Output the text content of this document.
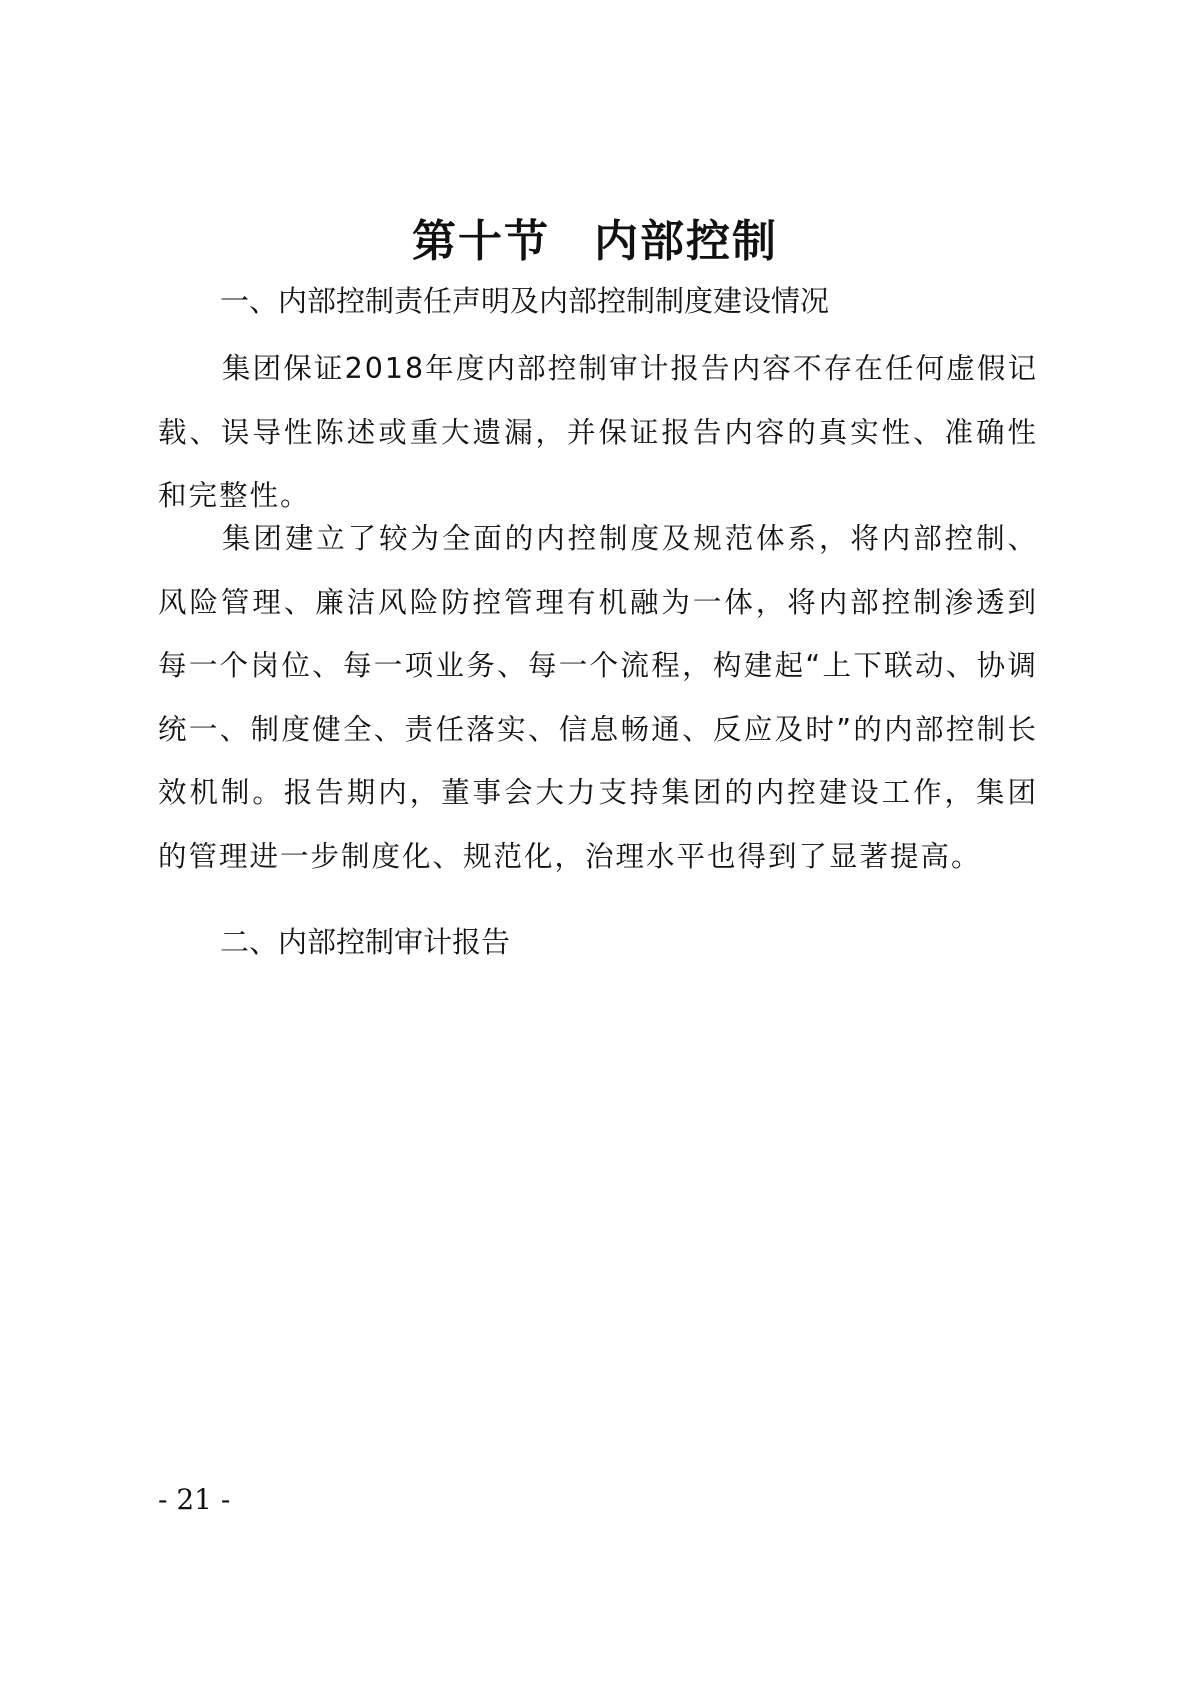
第十节 内部控制
一、内部控制责任声明及内部控制制度建设情况

集团保证2018年度内部控制审计报告内容不存在任何虚假记载、误导性陈述或重大遗漏，并保证报告内容的真实性、准确性和完整性。

集团建立了较为全面的内控制度及规范体系，将内部控制、风险管理、廉洁风险防控管理有机融为一体，将内部控制渗透到每一个岗位、每一项业务、每一个流程，构建起“上下联动、协调统一、制度健全、责任落实、信息畅通、反应及时”的内部控制长效机制。报告期内，董事会大力支持集团的内控建设工作，集团的管理进一步制度化、规范化，治理水平也得到了显著提高。

二、内部控制审计报告
- 21 -
